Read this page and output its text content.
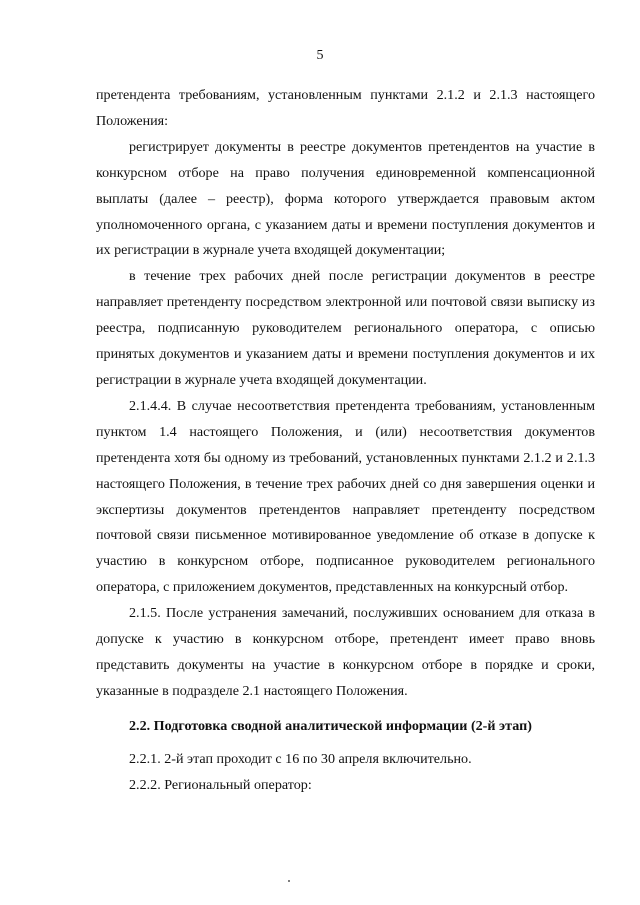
5

претендента требованиям, установленным пунктами 2.1.2 и 2.1.3 настоящего Положения:

регистрирует документы в реестре документов претендентов на участие в конкурсном отборе на право получения единовременной компенсационной выплаты (далее – реестр), форма которого утверждается правовым актом уполномоченного органа, с указанием даты и времени поступления документов и их регистрации в журнале учета входящей документации;

в течение трех рабочих дней после регистрации документов в реестре направляет претенденту посредством электронной или почтовой связи выписку из реестра, подписанную руководителем регионального оператора, с описью принятых документов и указанием даты и времени поступления документов и их регистрации в журнале учета входящей документации.

2.1.4.4. В случае несоответствия претендента требованиям, установленным пунктом 1.4 настоящего Положения, и (или) несоответствия документов претендента хотя бы одному из требований, установленных пунктами 2.1.2 и 2.1.3 настоящего Положения, в течение трех рабочих дней со дня завершения оценки и экспертизы документов претендентов направляет претенденту посредством почтовой связи письменное мотивированное уведомление об отказе в допуске к участию в конкурсном отборе, подписанное руководителем регионального оператора, с приложением документов, представленных на конкурсный отбор.

2.1.5. После устранения замечаний, послуживших основанием для отказа в допуске к участию в конкурсном отборе, претендент имеет право вновь представить документы на участие в конкурсном отборе в порядке и сроки, указанные в подразделе 2.1 настоящего Положения.

2.2. Подготовка сводной аналитической информации (2-й этап)

2.2.1. 2-й этап проходит с 16 по 30 апреля включительно.

2.2.2. Региональный оператор:
